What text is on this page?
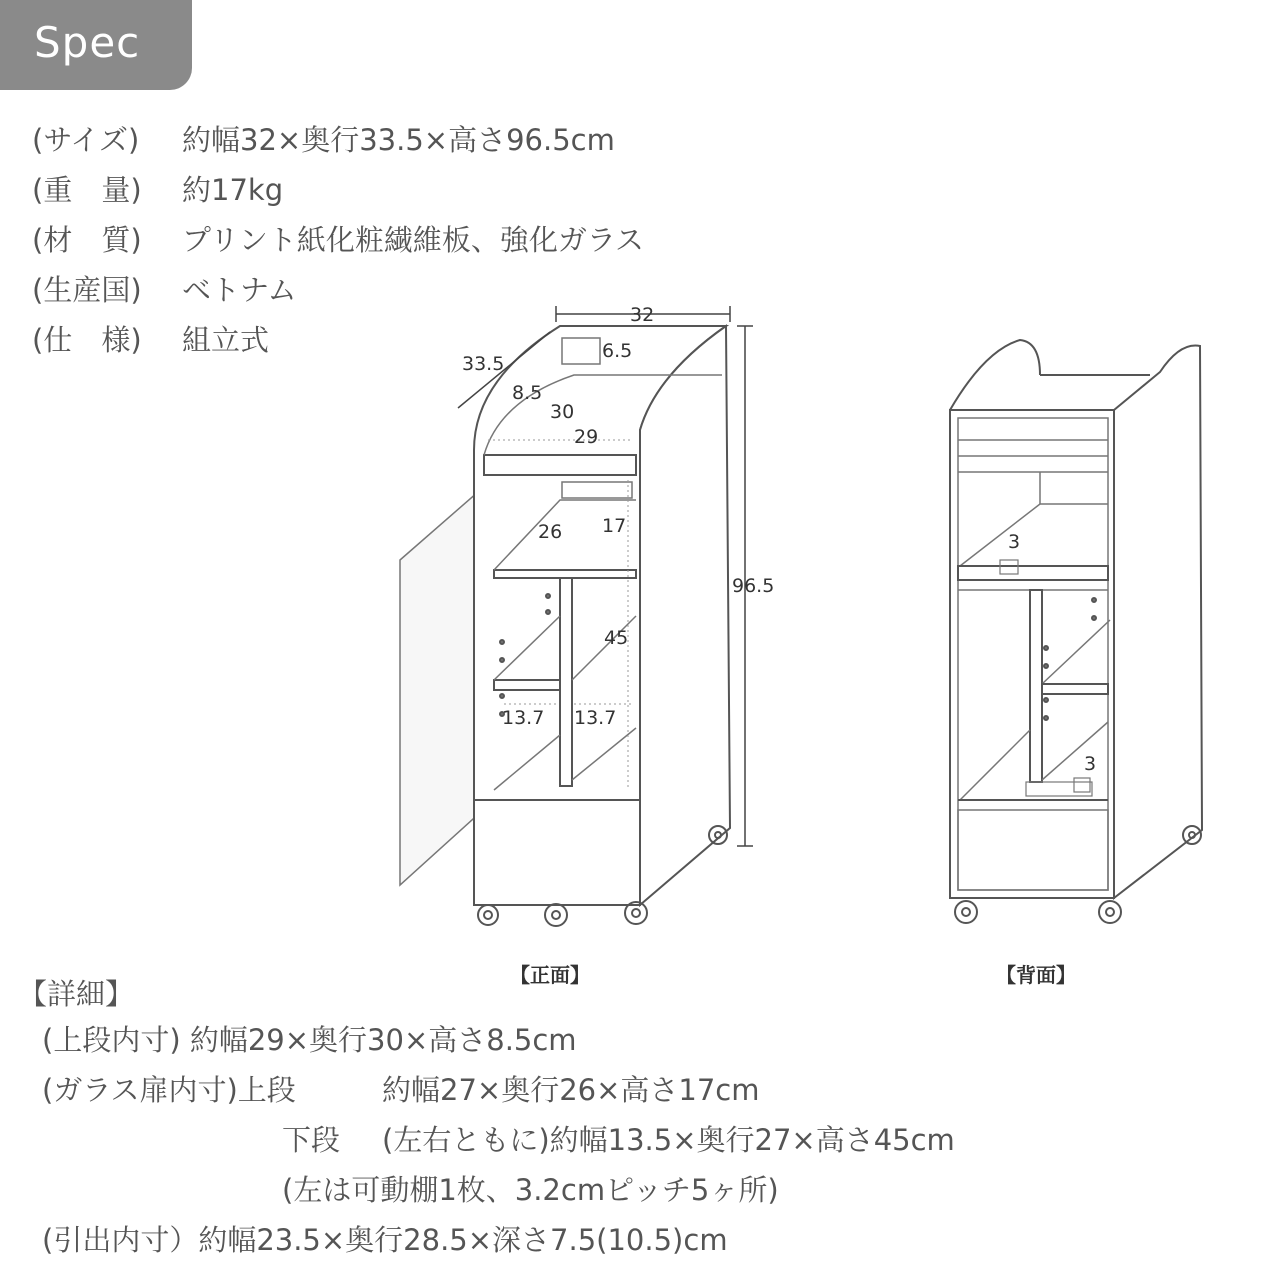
Spec
(サイズ) 約幅32×奥行33.5×高さ96.5cm
(重　量) 約17kg
(材　質) プリント紙化粧繊維板、強化ガラス
(生産国) ベトナム
(仕　様) 組立式
32
33.5
96.5
6.5
8.5
30
29
26 17
45
13.7 13.7
【正面】
3
3
【背面】
【詳細】
(上段内寸) 約幅29×奥行30×高さ8.5cm
(ガラス扉内寸)上段	約幅27×奥行26×高さ17cm
下段 (左右ともに)約幅13.5×奥行27×高さ45cm
(左は可動棚1枚、3.2cmピッチ5ヶ所)
(引出内寸）約幅23.5×奥行28.5×深さ7.5(10.5)cm
